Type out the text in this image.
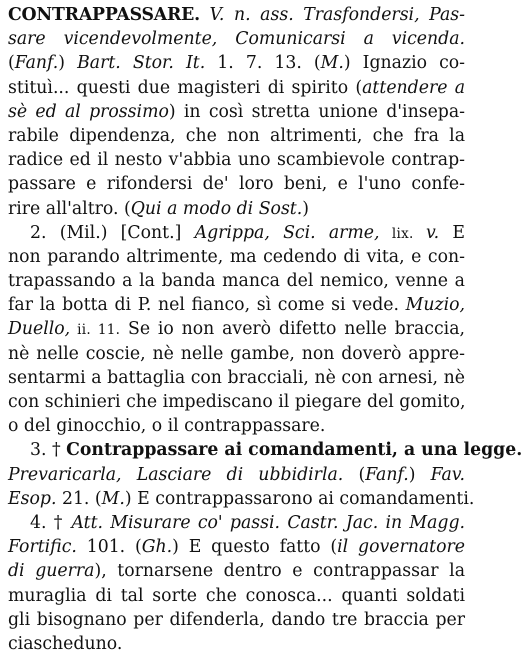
CONTRAPPASSARE. V. n. ass. Trasfondersi, Pas-
sare vicendevolmente, Comunicarsi a vicenda.
(Fanf.) Bart. Stor. It. 1. 7. 13. (M.) Ignazio co-
stituì... questi due magisteri di spirito (attendere a
sè ed al prossimo) in così stretta unione d'insepa-
rabile dipendenza, che non altrimenti, che fra la
radice ed il nesto v'abbia uno scambievole contrap-
passare e rifondersi de' loro beni, e l'uno confe-
rire all'altro. (Qui a modo di Sost.)
2. (Mil.) [Cont.] Agrippa, Sci. arme, lix. v. E
non parando altrimente, ma cedendo di vita, e con-
trapassando a la banda manca del nemico, venne a
far la botta di P. nel fianco, sì come si vede. Muzio,
Duello, ii. 11. Se io non averò difetto nelle braccia,
nè nelle coscie, nè nelle gambe, non doverò appre-
sentarmi a battaglia con bracciali, nè con arnesi, nè
con schinieri che impediscano il piegare del gomito,
o del ginocchio, o il contrappassare.
3. † Contrappassare ai comandamenti, a una legge.
Prevaricarla, Lasciare di ubbidirla. (Fanf.) Fav.
Esop. 21. (M.) E contrappassarono ai comandamenti.
4. † Att. Misurare co' passi. Castr. Jac. in Magg.
Fortific. 101. (Gh.) E questo fatto (il governatore
di guerra), tornarsene dentro e contrappassar la
muraglia di tal sorte che conosca... quanti soldati
gli bisognano per difenderla, dando tre braccia per
ciascheduno.
